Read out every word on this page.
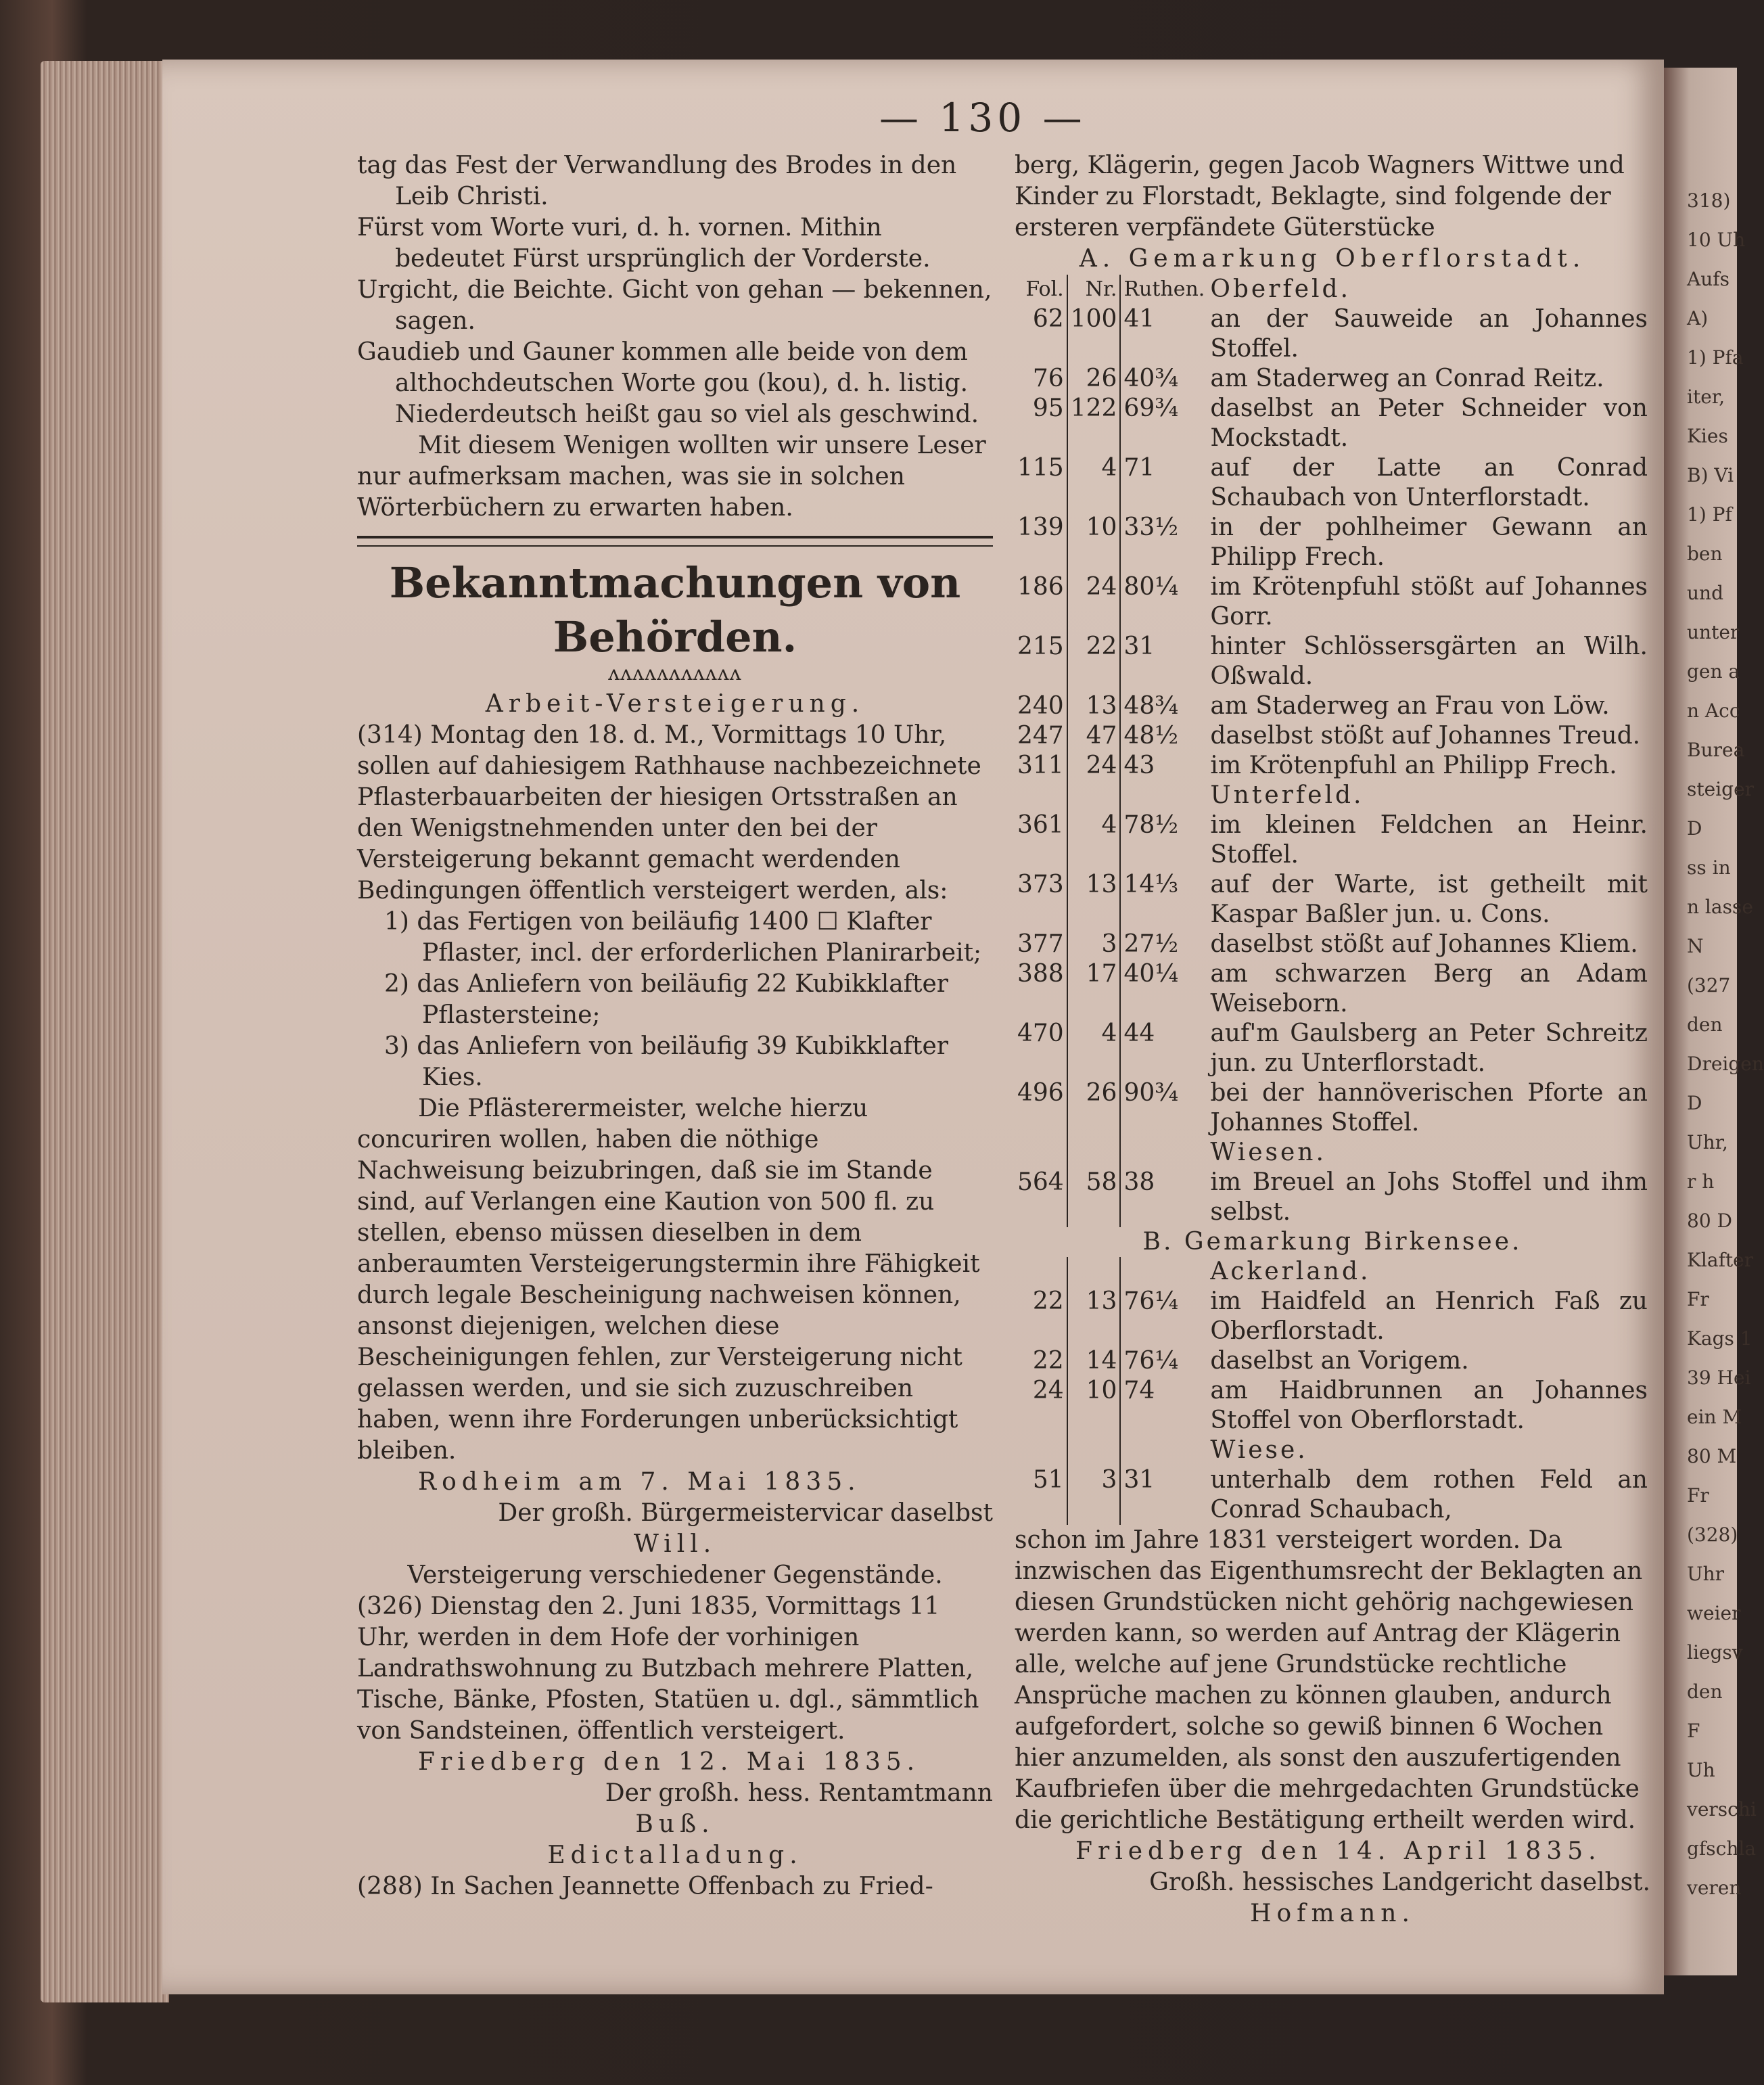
318)
10 Uh
Aufs
A)
1) Pfa
iter,
Kies
B) Vi
1) Pf
ben
und
unter
gen a
n Acc
Burea
steiger
D
ss in
n lasse
N
(327
den
Dreigen
D
Uhr,
r h
80 D
Klafter
Fr
Kags 1
39 Hei
ein M
80 M
Fr
(328)
Uhr
weier
liegsv
den
F
Uh
verschi
gfschla
veren
— 130 —

tag das Fest der Verwandlung des Brodes in den Leib Christi.

Fürst vom Worte vuri, d. h. vornen. Mithin bedeutet Fürst ursprünglich der Vorderste.

Urgicht, die Beichte. Gicht von gehan — bekennen, sagen.

Gaudieb und Gauner kommen alle beide von dem althochdeutschen Worte gou (kou), d. h. listig. Niederdeutsch heißt gau so viel als geschwind.

Mit diesem Wenigen wollten wir unsere Leser nur aufmerksam machen, was sie in solchen Wörterbüchern zu erwarten haben.

Bekanntmachungen von Behörden.
ᴧᴧᴧᴧᴧᴧᴧᴧᴧᴧᴧ

Arbeit-Versteigerung.

(314) Montag den 18. d. M., Vormittags 10 Uhr, sollen auf dahiesigem Rathhause nachbezeichnete Pflasterbauarbeiten der hiesigen Ortsstraßen an den Wenigstnehmenden unter den bei der Versteigerung bekannt gemacht werdenden Bedingungen öffentlich versteigert werden, als:

1) das Fertigen von beiläufig 1400 ☐ Klafter Pflaster, incl. der erforderlichen Planirarbeit;

2) das Anliefern von beiläufig 22 Kubikklafter Pflastersteine;

3) das Anliefern von beiläufig 39 Kubikklafter Kies.

Die Pflästerermeister, welche hierzu concuriren wollen, haben die nöthige Nachweisung beizubringen, daß sie im Stande sind, auf Verlangen eine Kaution von 500 fl. zu stellen, ebenso müssen dieselben in dem anberaumten Versteigerungstermin ihre Fähigkeit durch legale Bescheinigung nachweisen können, ansonst diejenigen, welchen diese Bescheinigungen fehlen, zur Versteigerung nicht gelassen werden, und sie sich zuzuschreiben haben, wenn ihre Forderungen unberücksichtigt bleiben.

Rodheim am 7. Mai 1835.

Der großh. Bürgermeistervicar daselbst

Will.

Versteigerung verschiedener Gegenstände.

(326) Dienstag den 2. Juni 1835, Vormittags 11 Uhr, werden in dem Hofe der vorhinigen Landrathswohnung zu Butzbach mehrere Platten, Tische, Bänke, Pfosten, Statüen u. dgl., sämmtlich von Sandsteinen, öffentlich versteigert.

Friedberg den 12. Mai 1835.

Der großh. hess. Rentamtmann

Buß.

Edictalladung.

(288) In Sachen Jeannette Offenbach zu Fried-

berg, Klägerin, gegen Jacob Wagners Wittwe und Kinder zu Florstadt, Beklagte, sind folgende der ersteren verpfändete Güterstücke

A. Gemarkung Oberflorstadt.

Fol.	Nr.	Ruthen.	Oberfeld.
62	100	41	an der Sauweide an Johannes Stoffel.
76	26	40¾	am Staderweg an Conrad Reitz.
95	122	69¾	daselbst an Peter Schneider von Mockstadt.
115	4	71	auf der Latte an Conrad Schaubach von Unterflorstadt.
139	10	33½	in der pohlheimer Gewann an Philipp Frech.
186	24	80¼	im Krötenpfuhl stößt auf Johannes Gorr.
215	22	31	hinter Schlössersgärten an Wilh. Oßwald.
240	13	48¾	am Staderweg an Frau von Löw.
247	47	48½	daselbst stößt auf Johannes Treud.
311	24	43	im Krötenpfuhl an Philipp Frech.
			Unterfeld.
361	4	78½	im kleinen Feldchen an Heinr. Stoffel.
373	13	14⅓	auf der Warte, ist getheilt mit Kaspar Baßler jun. u. Cons.
377	3	27½	daselbst stößt auf Johannes Kliem.
388	17	40¼	am schwarzen Berg an Adam Weiseborn.
470	4	44	auf'm Gaulsberg an Peter Schreitz jun. zu Unterflorstadt.
496	26	90¾	bei der hannöverischen Pforte an Johannes Stoffel.
			Wiesen.
564	58	38	im Breuel an Johs Stoffel und ihm selbst.
B. Gemarkung Birkensee.			
			Ackerland.
22	13	76¼	im Haidfeld an Henrich Faß zu Oberflorstadt.
22	14	76¼	daselbst an Vorigem.
24	10	74	am Haidbrunnen an Johannes Stoffel von Oberflorstadt.
			Wiese.
51	3	31	unterhalb dem rothen Feld an Conrad Schaubach,

schon im Jahre 1831 versteigert worden. Da inzwischen das Eigenthumsrecht der Beklagten an diesen Grundstücken nicht gehörig nachgewiesen werden kann, so werden auf Antrag der Klägerin alle, welche auf jene Grundstücke rechtliche Ansprüche machen zu können glauben, andurch aufgefordert, solche so gewiß binnen 6 Wochen hier anzumelden, als sonst den auszufertigenden Kaufbriefen über die mehrgedachten Grundstücke die gerichtliche Bestätigung ertheilt werden wird.

Friedberg den 14. April 1835.

Großh. hessisches Landgericht daselbst.

Hofmann.
